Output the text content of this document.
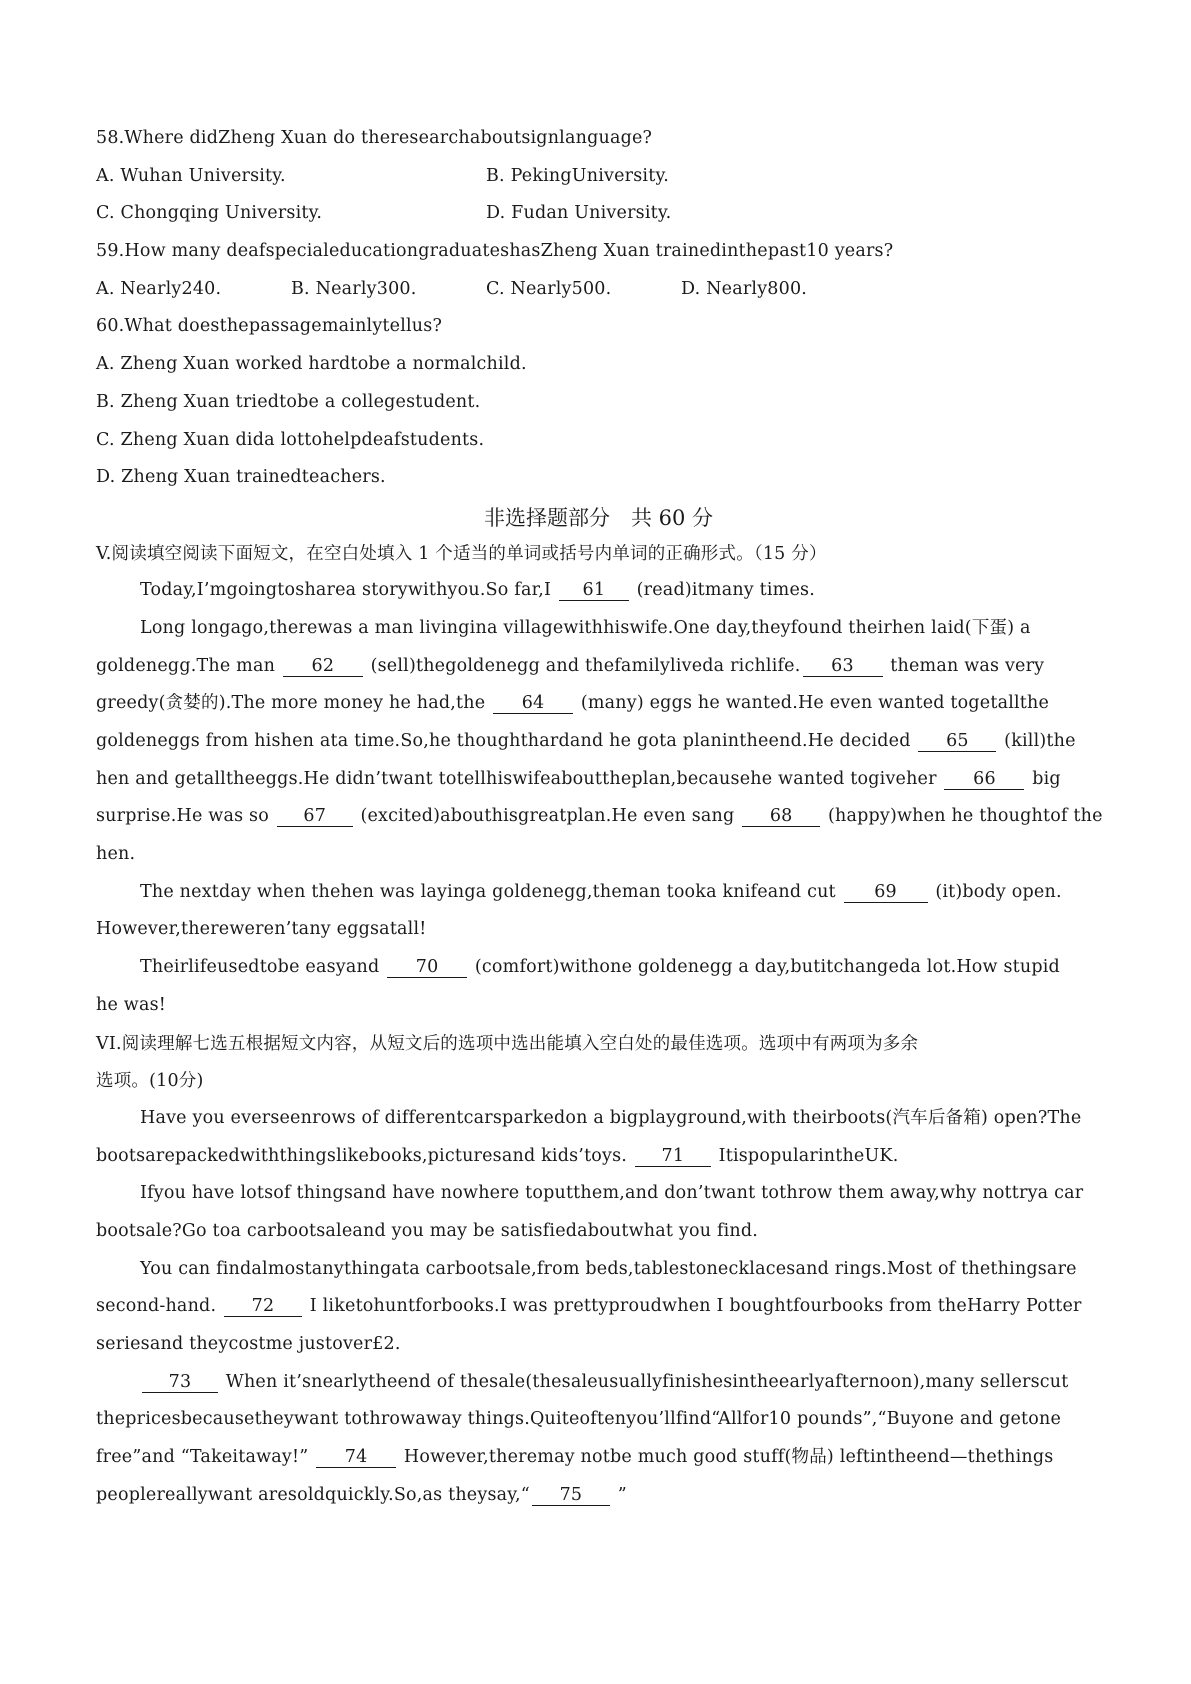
58.Where didZheng Xuan do theresearchaboutsignlanguage?
A. Wuhan University.	B. PekingUniversity.
C. Chongqing University.	D. Fudan University.
59.How many deafspecialeducationgraduateshasZheng Xuan trainedinthepast10 years?
A. Nearly240.	B. Nearly300.	C. Nearly500.	D. Nearly800.
60.What doesthepassagemainlytellus?
A. Zheng Xuan worked hardtobe a normalchild.
B. Zheng Xuan triedtobe a collegestudent.
C. Zheng Xuan dida lottohelpdeafstudents.
D. Zheng Xuan trainedteachers.
非选择题部分　共 60 分
V.阅读填空阅读下面短文，在空白处填入 1 个适当的单词或括号内单词的正确形式。（15 分）
Today,I’mgoingtosharea storywithyou.So far,I 61 (read)itmany times.
Long longago,therewas a man livingina villagewithhiswife.One day,theyfound theirhen laid(下蛋) a
goldenegg.The man 62 (sell)thegoldenegg and thefamilyliveda richlife. 63 theman was very
greedy(贪婪的).The more money he had,the 64 (many) eggs he wanted.He even wanted togetallthe
goldeneggs from hishen ata time.So,he thoughthardand he gota planintheend.He decided 65 (kill)the
hen and getalltheeggs.He didn’twant totellhiswifeabouttheplan,becausehe wanted togiveher 66 big
surprise.He was so 67 (excited)abouthisgreatplan.He even sang 68 (happy)when he thoughtof the
hen.
The nextday when thehen was layinga goldenegg,theman tooka knifeand cut 69 (it)body open.
However,thereweren’tany eggsatall!
Theirlifeusedtobe easyand 70 (comfort)withone goldenegg a day,butitchangeda lot.How stupid
he was!
VI.阅读理解七选五根据短文内容，从短文后的选项中选出能填入空白处的最佳选项。选项中有两项为多余
选项。(10分)
Have you everseenrows of differentcarsparkedon a bigplayground,with theirboots(汽车后备箱) open?The
bootsarepackedwiththingslikebooks,picturesand kids’toys. 71 ItispopularintheUK.
Ifyou have lotsof thingsand have nowhere toputthem,and don’twant tothrow them away,why nottrya car
bootsale?Go toa carbootsaleand you may be satisfiedaboutwhat you find.
You can findalmostanythingata carbootsale,from beds,tablestonecklacesand rings.Most of thethingsare
second-hand. 72 I liketohuntforbooks.I was prettyproudwhen I boughtfourbooks from theHarry Potter
seriesand theycostme justover£2.
73 When it’snearlytheend of thesale(thesaleusuallyfinishesintheearlyafternoon),many sellerscut
thepricesbecausetheywant tothrowaway things.Quiteoftenyou’llfind“Allfor10 pounds”,“Buyone and getone
free”and “Takeitaway!” 74 However,theremay notbe much good stuff(物品) leftintheend—thethings
peoplereallywant aresoldquickly.So,as theysay,“ 75 ”
